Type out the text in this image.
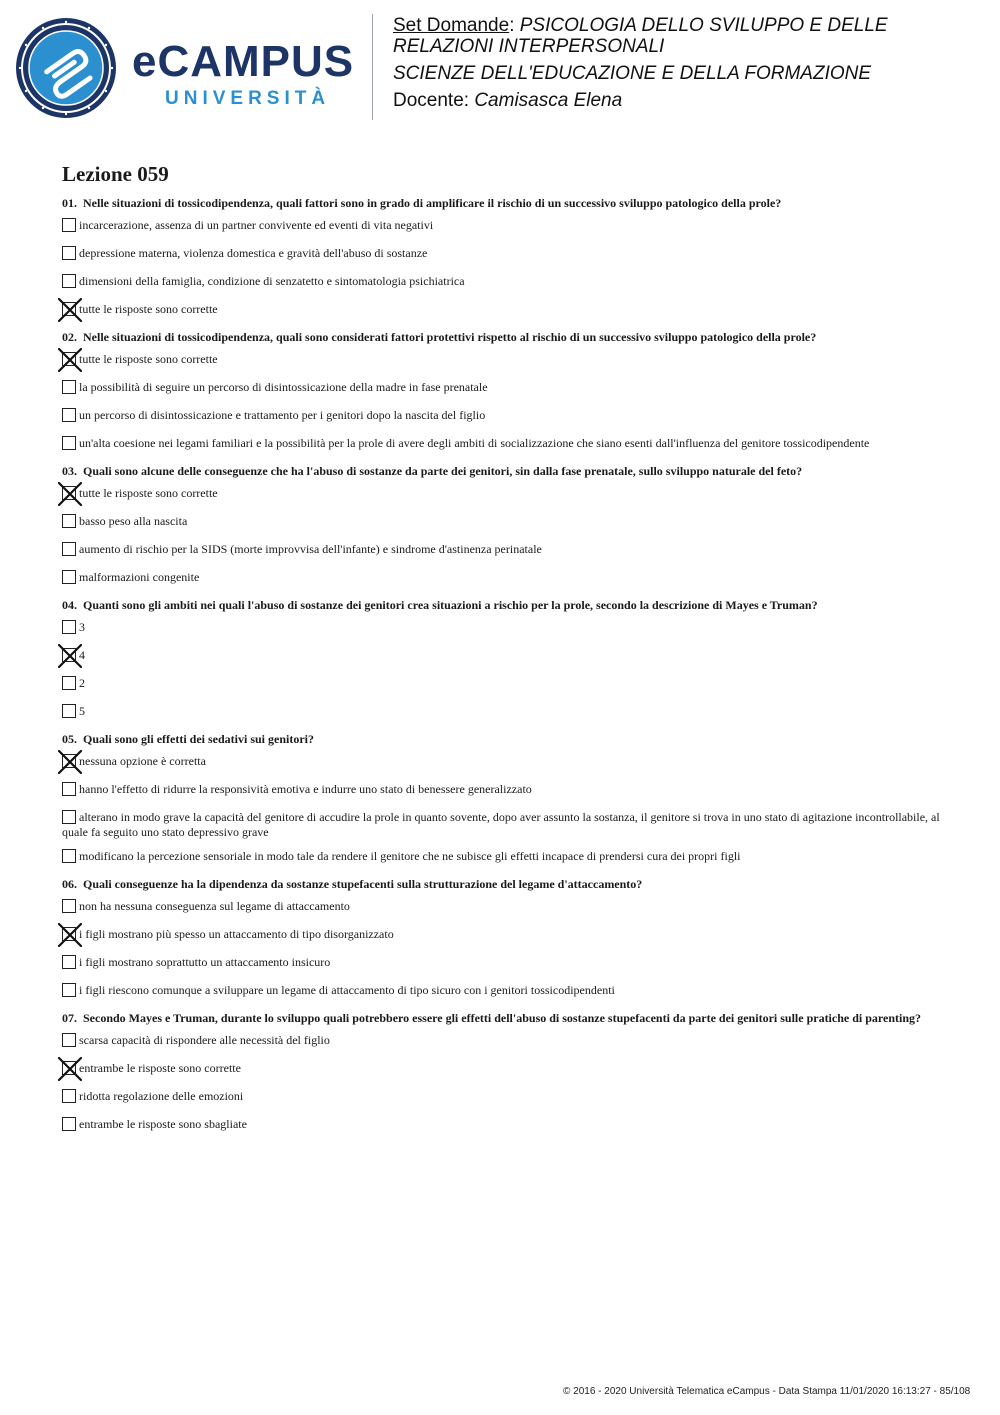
eCAMPUS
UNIVERSITÀ
Set Domande: PSICOLOGIA DELLO SVILUPPO E DELLE RELAZIONI INTERPERSONALI
SCIENZE DELL'EDUCAZIONE E DELLA FORMAZIONE
Docente: Camisasca Elena
Lezione 059
01. Nelle situazioni di tossicodipendenza, quali fattori sono in grado di amplificare il rischio di un successivo sviluppo patologico della prole?
incarcerazione, assenza di un partner convivente ed eventi di vita negativi
depressione materna, violenza domestica e gravità dell'abuso di sostanze
dimensioni della famiglia, condizione di senzatetto e sintomatologia psichiatrica
tutte le risposte sono corrette
02. Nelle situazioni di tossicodipendenza, quali sono considerati fattori protettivi rispetto al rischio di un successivo sviluppo patologico della prole?
tutte le risposte sono corrette
la possibilità di seguire un percorso di disintossicazione della madre in fase prenatale
un percorso di disintossicazione e trattamento per i genitori dopo la nascita del figlio
un'alta coesione nei legami familiari e la possibilità per la prole di avere degli ambiti di socializzazione che siano esenti dall'influenza del genitore tossicodipendente
03. Quali sono alcune delle conseguenze che ha l'abuso di sostanze da parte dei genitori, sin dalla fase prenatale, sullo sviluppo naturale del feto?
tutte le risposte sono corrette
basso peso alla nascita
aumento di rischio per la SIDS (morte improvvisa dell'infante) e sindrome d'astinenza perinatale
malformazioni congenite
04. Quanti sono gli ambiti nei quali l'abuso di sostanze dei genitori crea situazioni a rischio per la prole, secondo la descrizione di Mayes e Truman?
3
4
2
5
05. Quali sono gli effetti dei sedativi sui genitori?
nessuna opzione è corretta
hanno l'effetto di ridurre la responsività emotiva e indurre uno stato di benessere generalizzato
alterano in modo grave la capacità del genitore di accudire la prole in quanto sovente, dopo aver assunto la sostanza, il genitore si trova in uno stato di agitazione incontrollabile, al quale fa seguito uno stato depressivo grave
modificano la percezione sensoriale in modo tale da rendere il genitore che ne subisce gli effetti incapace di prendersi cura dei propri figli
06. Quali conseguenze ha la dipendenza da sostanze stupefacenti sulla strutturazione del legame d'attaccamento?
non ha nessuna conseguenza sul legame di attaccamento
i figli mostrano più spesso un attaccamento di tipo disorganizzato
i figli mostrano soprattutto un attaccamento insicuro
i figli riescono comunque a sviluppare un legame di attaccamento di tipo sicuro con i genitori tossicodipendenti
07. Secondo Mayes e Truman, durante lo sviluppo quali potrebbero essere gli effetti dell'abuso di sostanze stupefacenti da parte dei genitori sulle pratiche di parenting?
scarsa capacità di rispondere alle necessità del figlio
entrambe le risposte sono corrette
ridotta regolazione delle emozioni
entrambe le risposte sono sbagliate
© 2016 - 2020 Università Telematica eCampus - Data Stampa 11/01/2020 16:13:27 - 85/108
